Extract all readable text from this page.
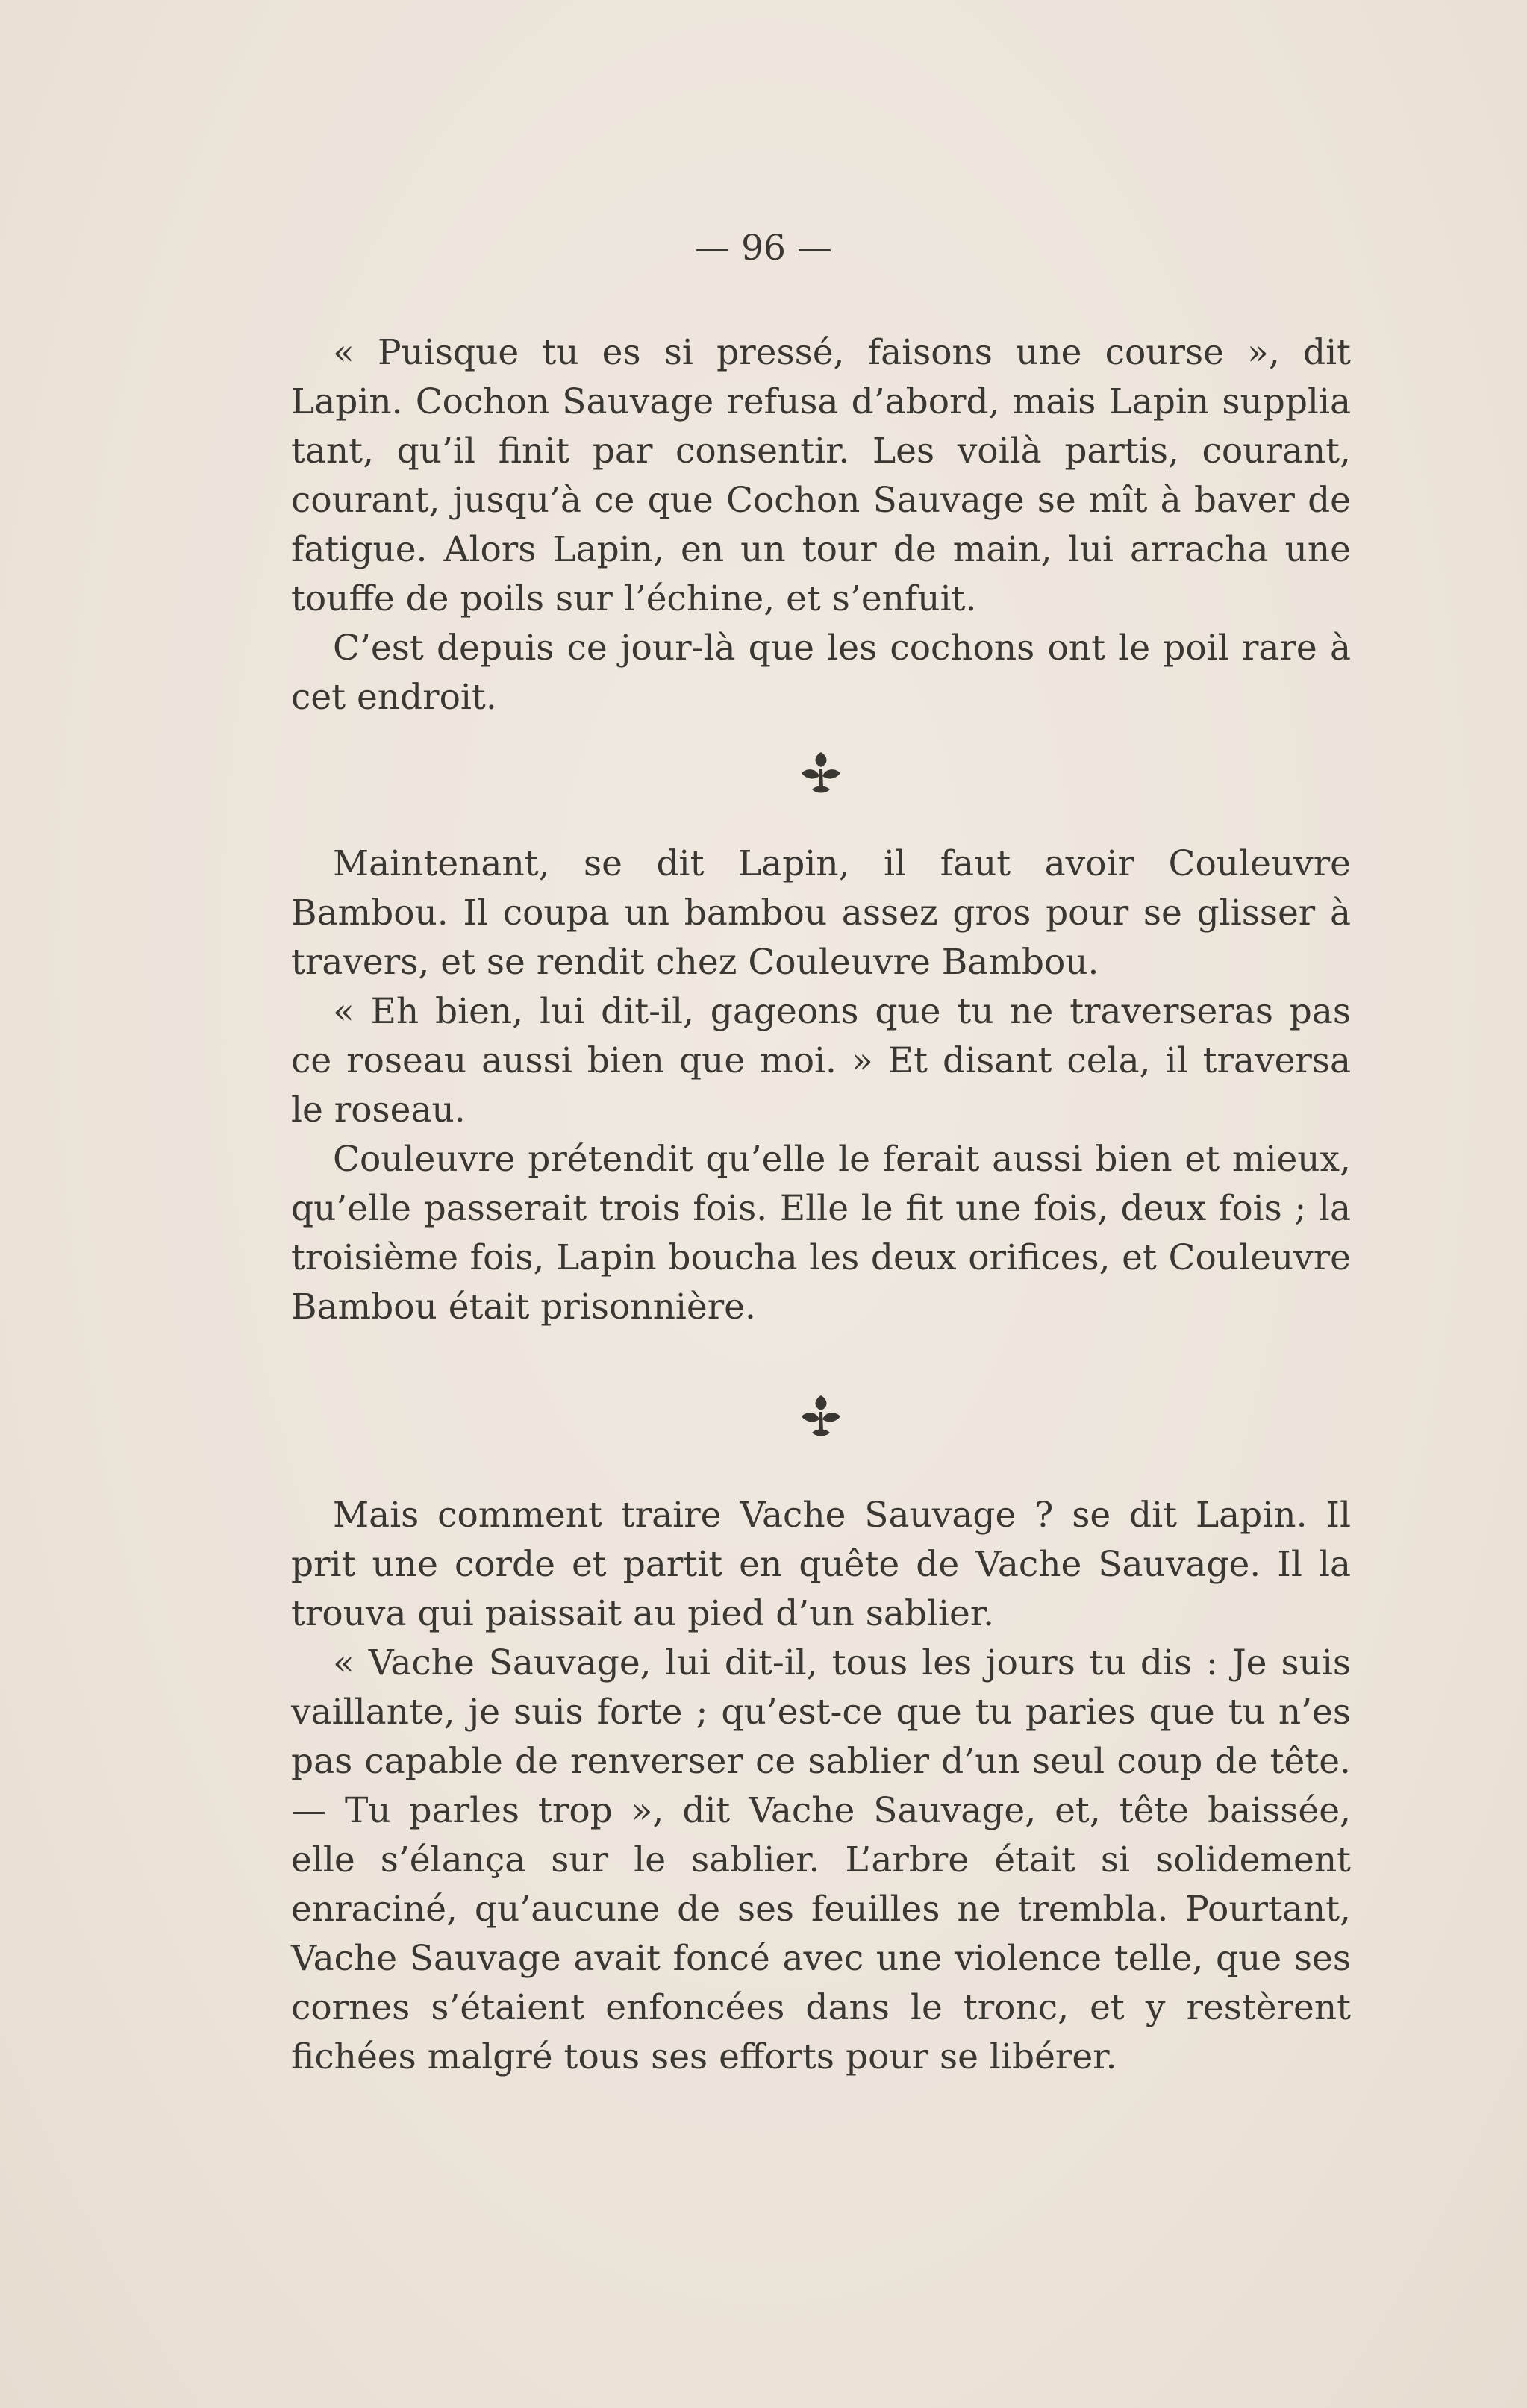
— 96 —

« Puisque tu es si pressé, faisons une course », dit Lapin. Cochon Sauvage refusa d’abord, mais Lapin supplia tant, qu’il finit par consentir. Les voilà partis, courant, courant, jusqu’à ce que Cochon Sauvage se mît à baver de fatigue. Alors Lapin, en un tour de main, lui arracha une touffe de poils sur l’échine, et s’enfuit.

C’est depuis ce jour-là que les cochons ont le poil rare à cet endroit.

Maintenant, se dit Lapin, il faut avoir Couleuvre Bambou. Il coupa un bambou assez gros pour se glisser à travers, et se rendit chez Couleuvre Bambou.

« Eh bien, lui dit-il, gageons que tu ne traverseras pas ce roseau aussi bien que moi. » Et disant cela, il traversa le roseau.

Couleuvre prétendit qu’elle le ferait aussi bien et mieux, qu’elle passerait trois fois. Elle le fit une fois, deux fois ; la troisième fois, Lapin boucha les deux orifices, et Couleuvre Bambou était prisonnière.

Mais comment traire Vache Sauvage ? se dit Lapin. Il prit une corde et partit en quête de Vache Sauvage. Il la trouva qui paissait au pied d’un sablier.

« Vache Sauvage, lui dit-il, tous les jours tu dis : Je suis vaillante, je suis forte ; qu’est-ce que tu paries que tu n’es pas capable de renverser ce sablier d’un seul coup de tête. — Tu parles trop », dit Vache Sauvage, et, tête baissée, elle s’élança sur le sablier. L’arbre était si solidement enraciné, qu’aucune de ses feuilles ne trembla. Pourtant, Vache Sauvage avait foncé avec une violence telle, que ses cornes s’étaient enfoncées dans le tronc, et y restèrent fichées malgré tous ses efforts pour se libérer.
